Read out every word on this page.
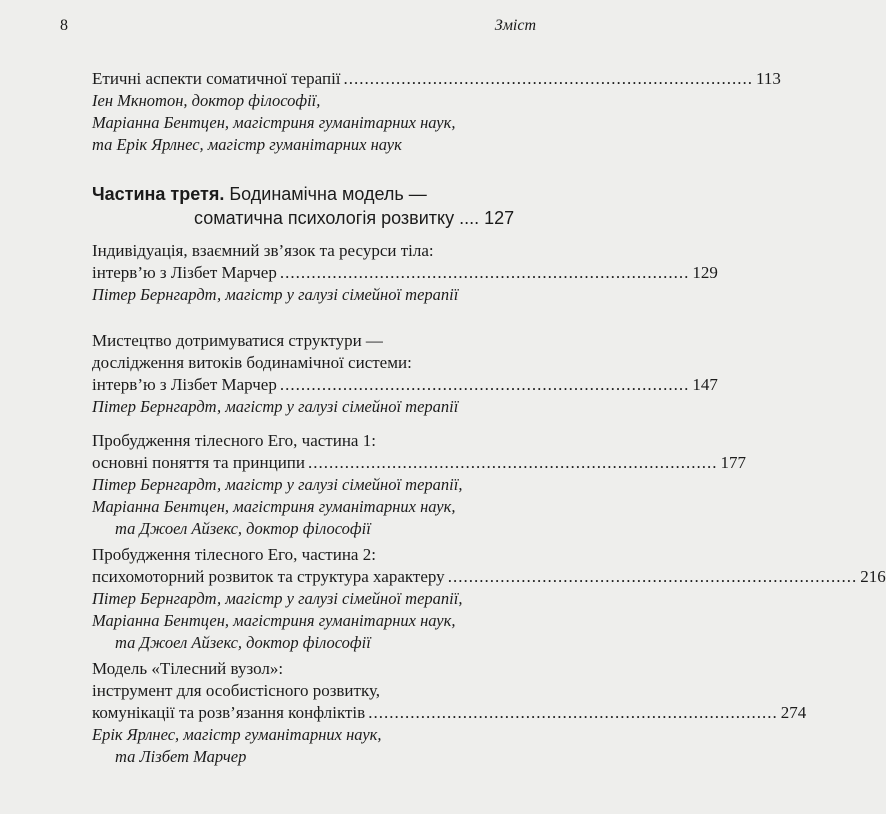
8	Зміст
Етичні аспекти соматичної терапії .............................................................................. 113
Іен Мкнотон, доктор філософії,
Маріанна Бентцен, магістриня гуманітарних наук,
та Ерік Ярлнес, магістр гуманітарних наук
Частина третя. Бодинамічна модель —
соматична психологія розвитку .... 127
Індивідуація, взаємний зв’язок та ресурси тіла:
інтерв’ю з Лізбет Марчер .............................................................................. 129
Пітер Бернгардт, магістр у галузі сімейної терапії
Мистецтво дотримуватися структури —
дослідження витоків бодинамічної системи:
інтерв’ю з Лізбет Марчер .............................................................................. 147
Пітер Бернгардт, магістр у галузі сімейної терапії
Пробудження тілесного Его, частина 1:
основні поняття та принципи .............................................................................. 177
Пітер Бернгардт, магістр у галузі сімейної терапії,
Маріанна Бентцен, магістриня гуманітарних наук,
та Джоел Айзекс, доктор філософії
Пробудження тілесного Его, частина 2:
психомоторний розвиток та структура характеру .............................................................................. 216
Пітер Бернгардт, магістр у галузі сімейної терапії,
Маріанна Бентцен, магістриня гуманітарних наук,
та Джоел Айзекс, доктор філософії
Модель «Тілесний вузол»:
інструмент для особистісного розвитку,
комунікації та розв’язання конфліктів .............................................................................. 274
Ерік Ярлнес, магістр гуманітарних наук,
та Лізбет Марчер
